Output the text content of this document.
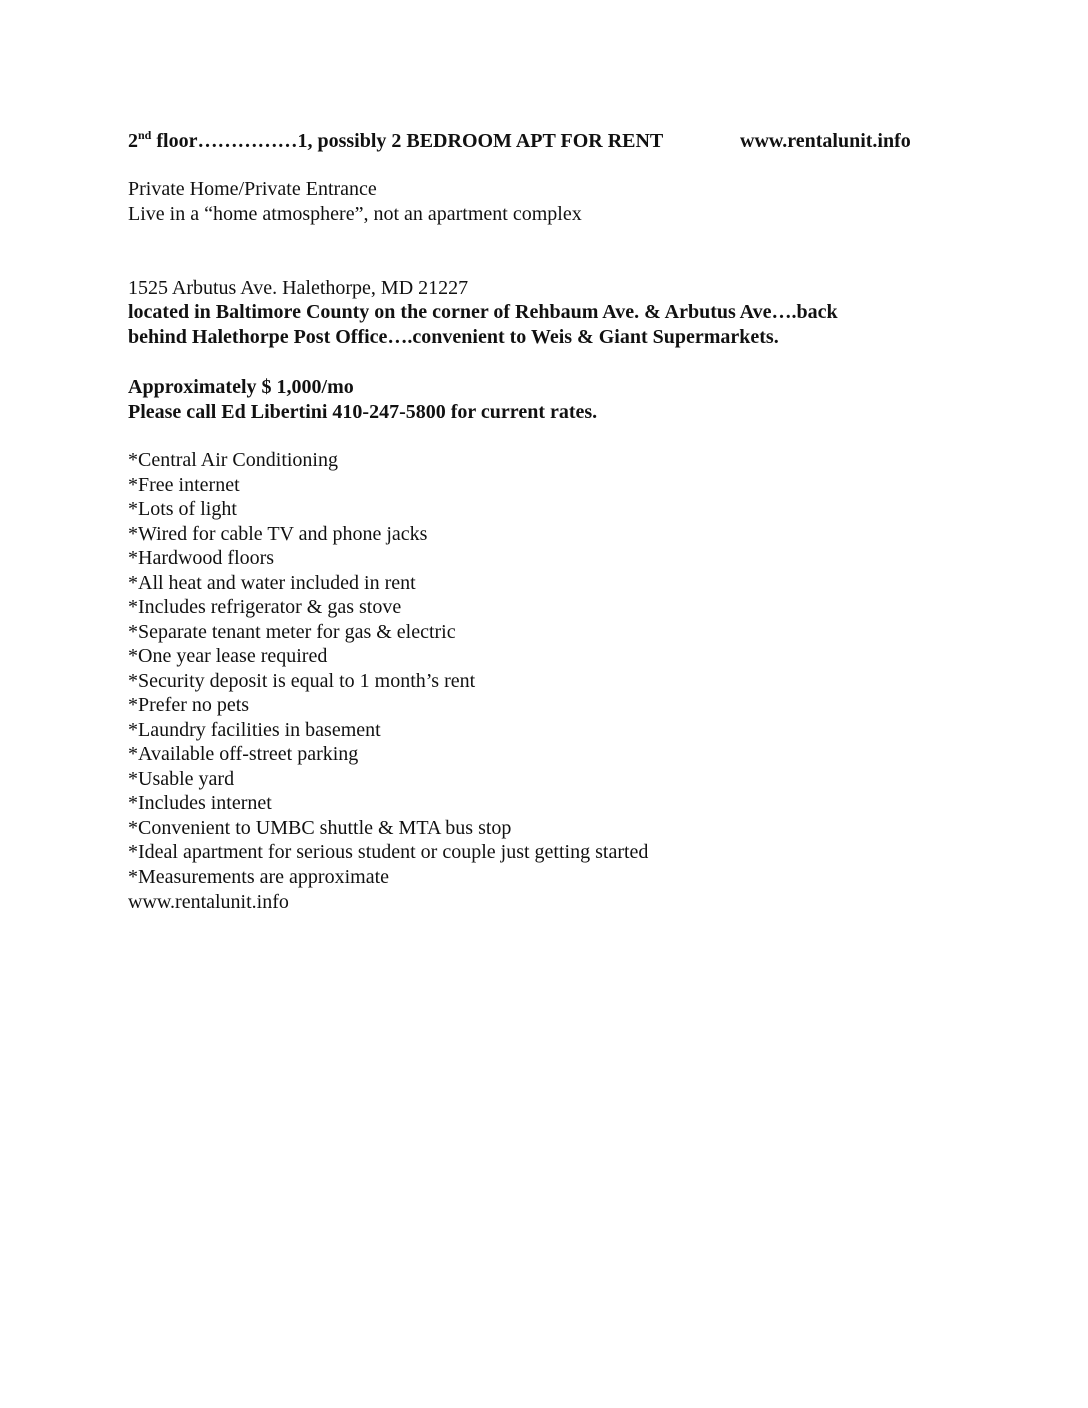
2nd floor……………1, possibly 2 BEDROOM APT FOR RENT	www.rentalunit.info
Private Home/Private Entrance
Live in a “home atmosphere”, not an apartment complex
1525 Arbutus Ave. Halethorpe, MD 21227
located in Baltimore County on the corner of Rehbaum Ave. & Arbutus Ave….back
behind Halethorpe Post Office….convenient to Weis & Giant Supermarkets.
Approximately $ 1,000/mo
Please call Ed Libertini 410-247-5800 for current rates.
*Central Air Conditioning
*Free internet
*Lots of light
*Wired for cable TV and phone jacks
*Hardwood floors
*All heat and water included in rent
*Includes refrigerator & gas stove
*Separate tenant meter for gas & electric
*One year lease required
*Security deposit is equal to 1 month’s rent
*Prefer no pets
*Laundry facilities in basement
*Available off-street parking
*Usable yard
*Includes internet
*Convenient to UMBC shuttle & MTA bus stop
*Ideal apartment for serious student or couple just getting started
*Measurements are approximate
www.rentalunit.info
